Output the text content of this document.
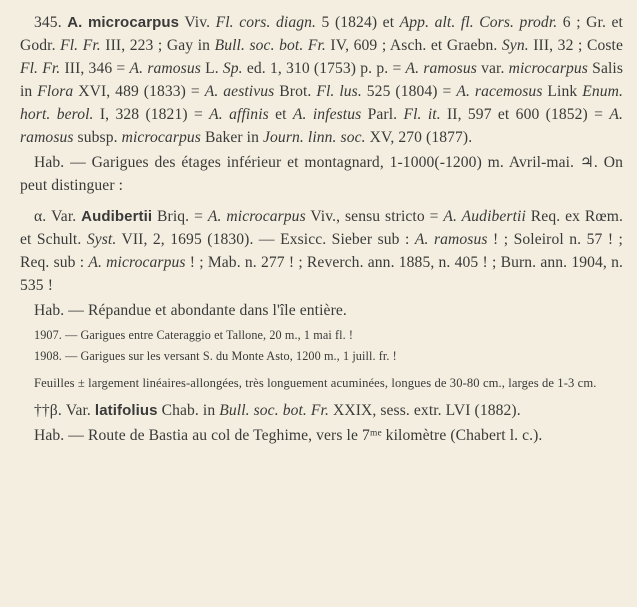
345. A. microcarpus Viv. Fl. cors. diagn. 5 (1824) et App. alt. fl. Cors. prodr. 6 ; Gr. et Godr. Fl. Fr. III, 223 ; Gay in Bull. soc. bot. Fr. IV, 609 ; Asch. et Graebn. Syn. III, 32 ; Coste Fl. Fr. III, 346 = A. ramosus L. Sp. ed. 1, 310 (1753) p. p. = A. ramosus var. microcarpus Salis in Flora XVI, 489 (1833) = A. aestivus Brot. Fl. lus. 525 (1804) = A. racemosus Link Enum. hort. berol. I, 328 (1821) = A. affinis et A. infestus Parl. Fl. it. II, 597 et 600 (1852) = A. ramosus subsp. microcarpus Baker in Journ. linn. soc. XV, 270 (1877).

Hab. — Garigues des étages inférieur et montagnard, 1-1000(-1200) m. Avril-mai. ♃. On peut distinguer :

α. Var. Audibertii Briq. = A. microcarpus Viv., sensu stricto = A. Audibertii Req. ex Rœm. et Schult. Syst. VII, 2, 1695 (1830). — Exsicc. Sieber sub : A. ramosus ! ; Soleirol n. 57 ! ; Req. sub : A. microcarpus ! ; Mab. n. 277 ! ; Reverch. ann. 1885, n. 405 ! ; Burn. ann. 1904, n. 535 !

Hab. — Répandue et abondante dans l'île entière.

1907. — Garigues entre Cateraggio et Tallone, 20 m., 1 mai fl. !

1908. — Garigues sur les versant S. du Monte Asto, 1200 m., 1 juill. fr. !

Feuilles ± largement linéaires-allongées, très longuement acuminées, longues de 30-80 cm., larges de 1-3 cm.

††β. Var. latifolius Chab. in Bull. soc. bot. Fr. XXIX, sess. extr. LVI (1882).

Hab. — Route de Bastia au col de Teghime, vers le 7ᵐᵉ kilomètre (Chabert l. c.).
